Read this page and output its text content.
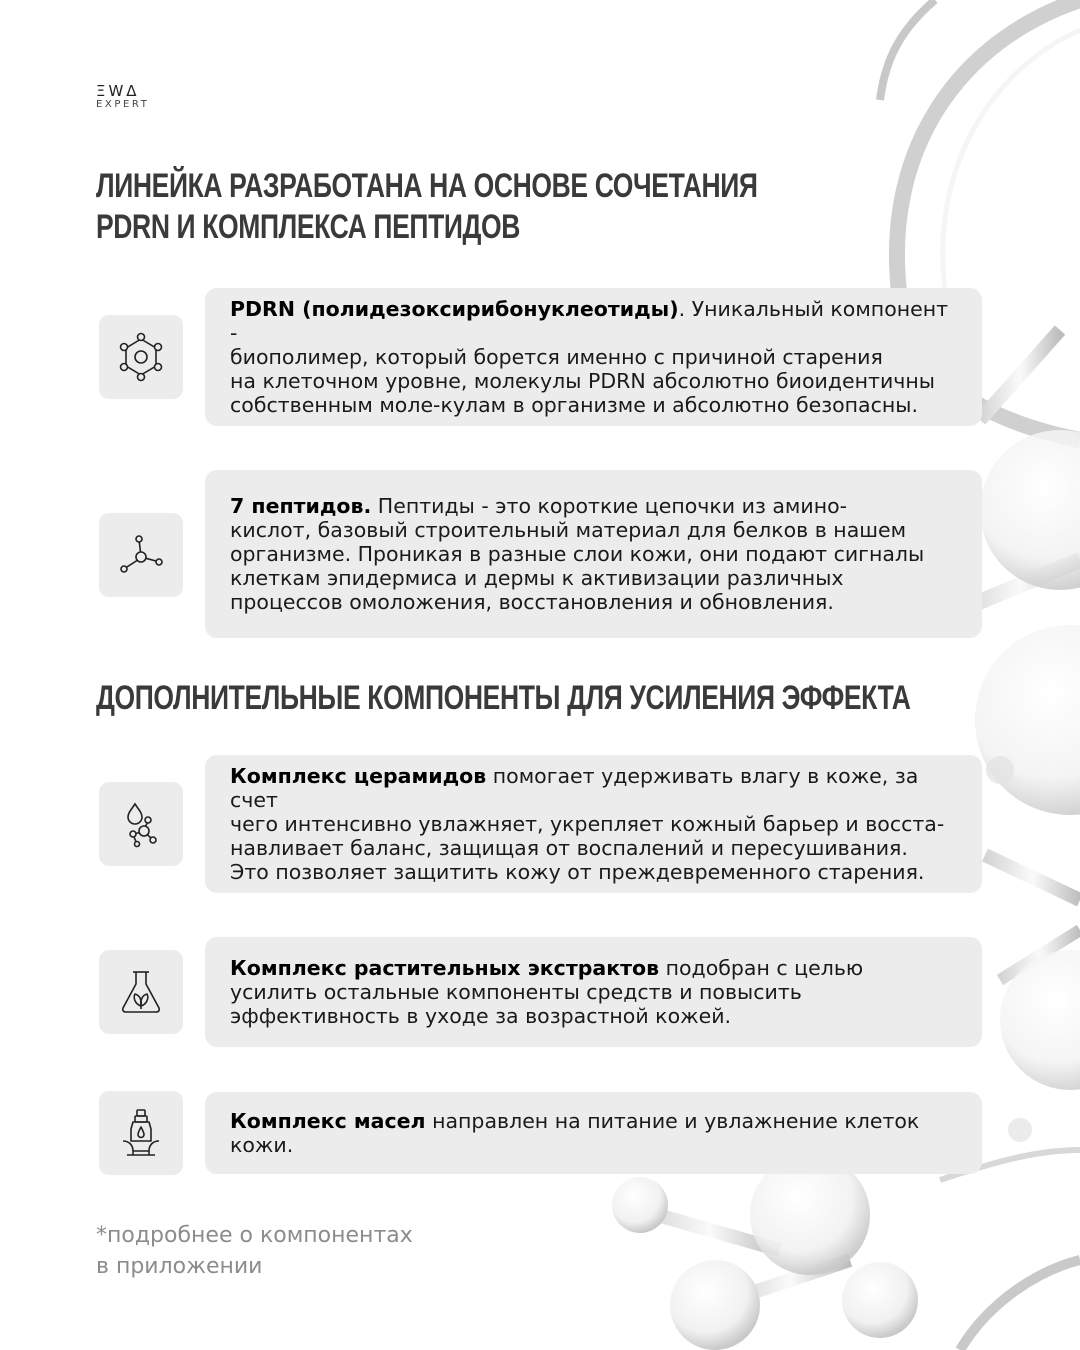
ΞWΔ
EXPERT
ЛИНЕЙКА РАЗРАБОТАНА НА ОСНОВЕ СОЧЕТАНИЯ
PDRN И КОМПЛЕКСА ПЕПТИДОВ

PDRN (полидезоксирибонуклеотиды). Уникальный компонент -
биополимер, который борется именно с причиной старения
на клеточном уровне, молекулы PDRN абсолютно биоидентичны
собственным моле-кулам в организме и абсолютно безопасны.

7 пептидов. Пептиды - это короткие цепочки из амино-
кислот, базовый строительный материал для белков в нашем
организме. Проникая в разные слои кожи, они подают сигналы
клеткам эпидермиса и дермы к активизации различных
процессов омоложения, восстановления и обновления.

ДОПОЛНИТЕЛЬНЫЕ КОМПОНЕНТЫ ДЛЯ УСИЛЕНИЯ ЭФФЕКТА

Комплекс церамидов помогает удерживать влагу в коже, за счет
чего интенсивно увлажняет, укрепляет кожный барьер и восста-
навливает баланс, защищая от воспалений и пересушивания.
Это позволяет защитить кожу от преждевременного старения.

Комплекс растительных экстрактов подобран с целью
усилить остальные компоненты средств и повысить
эффективность в уходе за возрастной кожей.

Комплекс масел направлен на питание и увлажнение клеток кожи.

*подробнее о компонентах
в приложении
